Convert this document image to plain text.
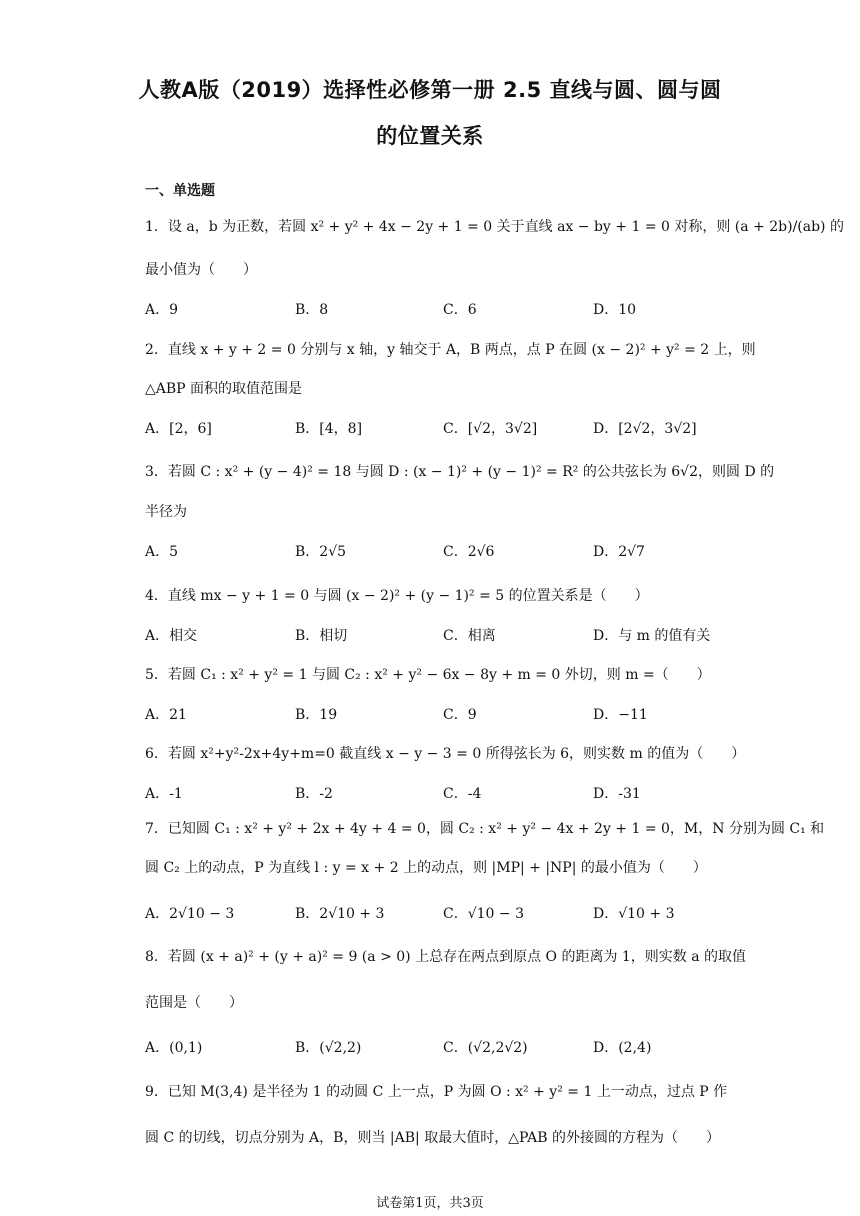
人教A版（2019）选择性必修第一册 2.5 直线与圆、圆与圆
的位置关系
一、单选题
1．设 a，b 为正数，若圆 x² + y² + 4x − 2y + 1 = 0 关于直线 ax − by + 1 = 0 对称，则 (a + 2b)/(ab) 的
最小值为（　　）
A．9	B．8	C．6	D．10
2．直线 x + y + 2 = 0 分别与 x 轴，y 轴交于 A，B 两点，点 P 在圆 (x − 2)² + y² = 2 上，则
△ABP 面积的取值范围是
A．[2，6]	B．[4，8]	C．[√2，3√2]	D．[2√2，3√2]
3．若圆 C : x² + (y − 4)² = 18 与圆 D : (x − 1)² + (y − 1)² = R² 的公共弦长为 6√2，则圆 D 的
半径为
A．5	B．2√5	C．2√6	D．2√7
4．直线 mx − y + 1 = 0 与圆 (x − 2)² + (y − 1)² = 5 的位置关系是（　　）
A．相交	B．相切	C．相离	D．与 m 的值有关
5．若圆 C₁ : x² + y² = 1 与圆 C₂ : x² + y² − 6x − 8y + m = 0 外切，则 m =（　　）
A．21	B．19	C．9	D．−11
6．若圆 x²+y²-2x+4y+m=0 截直线 x − y − 3 = 0 所得弦长为 6，则实数 m 的值为（　　）
A．-1	B．-2	C．-4	D．-31
7．已知圆 C₁ : x² + y² + 2x + 4y + 4 = 0，圆 C₂ : x² + y² − 4x + 2y + 1 = 0，M，N 分别为圆 C₁ 和
圆 C₂ 上的动点，P 为直线 l : y = x + 2 上的动点，则 |MP| + |NP| 的最小值为（　　）
A．2√10 − 3	B．2√10 + 3	C．√10 − 3	D．√10 + 3
8．若圆 (x + a)² + (y + a)² = 9 (a > 0) 上总存在两点到原点 O 的距离为 1，则实数 a 的取值
范围是（　　）
A．(0,1)	B．(√2,2)	C．(√2,2√2)	D．(2,4)
9．已知 M(3,4) 是半径为 1 的动圆 C 上一点，P 为圆 O : x² + y² = 1 上一动点，过点 P 作
圆 C 的切线，切点分别为 A，B，则当 |AB| 取最大值时，△PAB 的外接圆的方程为（　　）
试卷第1页，共3页
